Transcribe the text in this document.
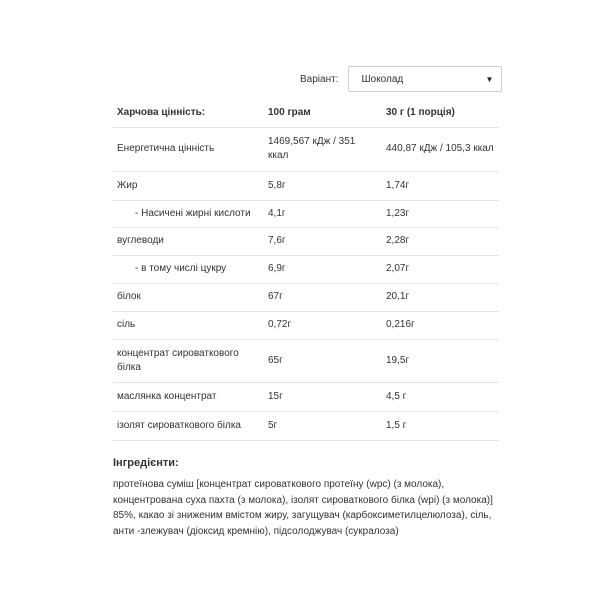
Варіант: Шоколад	▼
Харчова цінність:	100 грам	30 г (1 порція)
Енергетична цінність	1469,567 кДж / 351 ккал	440,87 кДж / 105,3 ккал
Жир	5,8г	1,74г
- Насичені жирні кислоти	4,1г	1,23г
вуглеводи	7,6г	2,28г
- в тому числі цукру	6,9г	2,07г
білок	67г	20,1г
сіль	0,72г	0,216г
концентрат сироваткового білка	65г	19,5г
маслянка концентрат	15г	4,5 г
ізолят сироваткового білка	5г	1,5 г
Інгредієнти:
протеїнова суміш [концентрат сироваткового протеїну (wpc) (з молока), концентрована суха пахта (з молока), ізолят сироваткового білка (wpi) (з молока)] 85%, какао зі зниженим вмістом жиру, загущувач (карбоксиметилцелюлоза), сіль, анти -злежувач (діоксид кремнію), підсолоджувач (сукралоза)
